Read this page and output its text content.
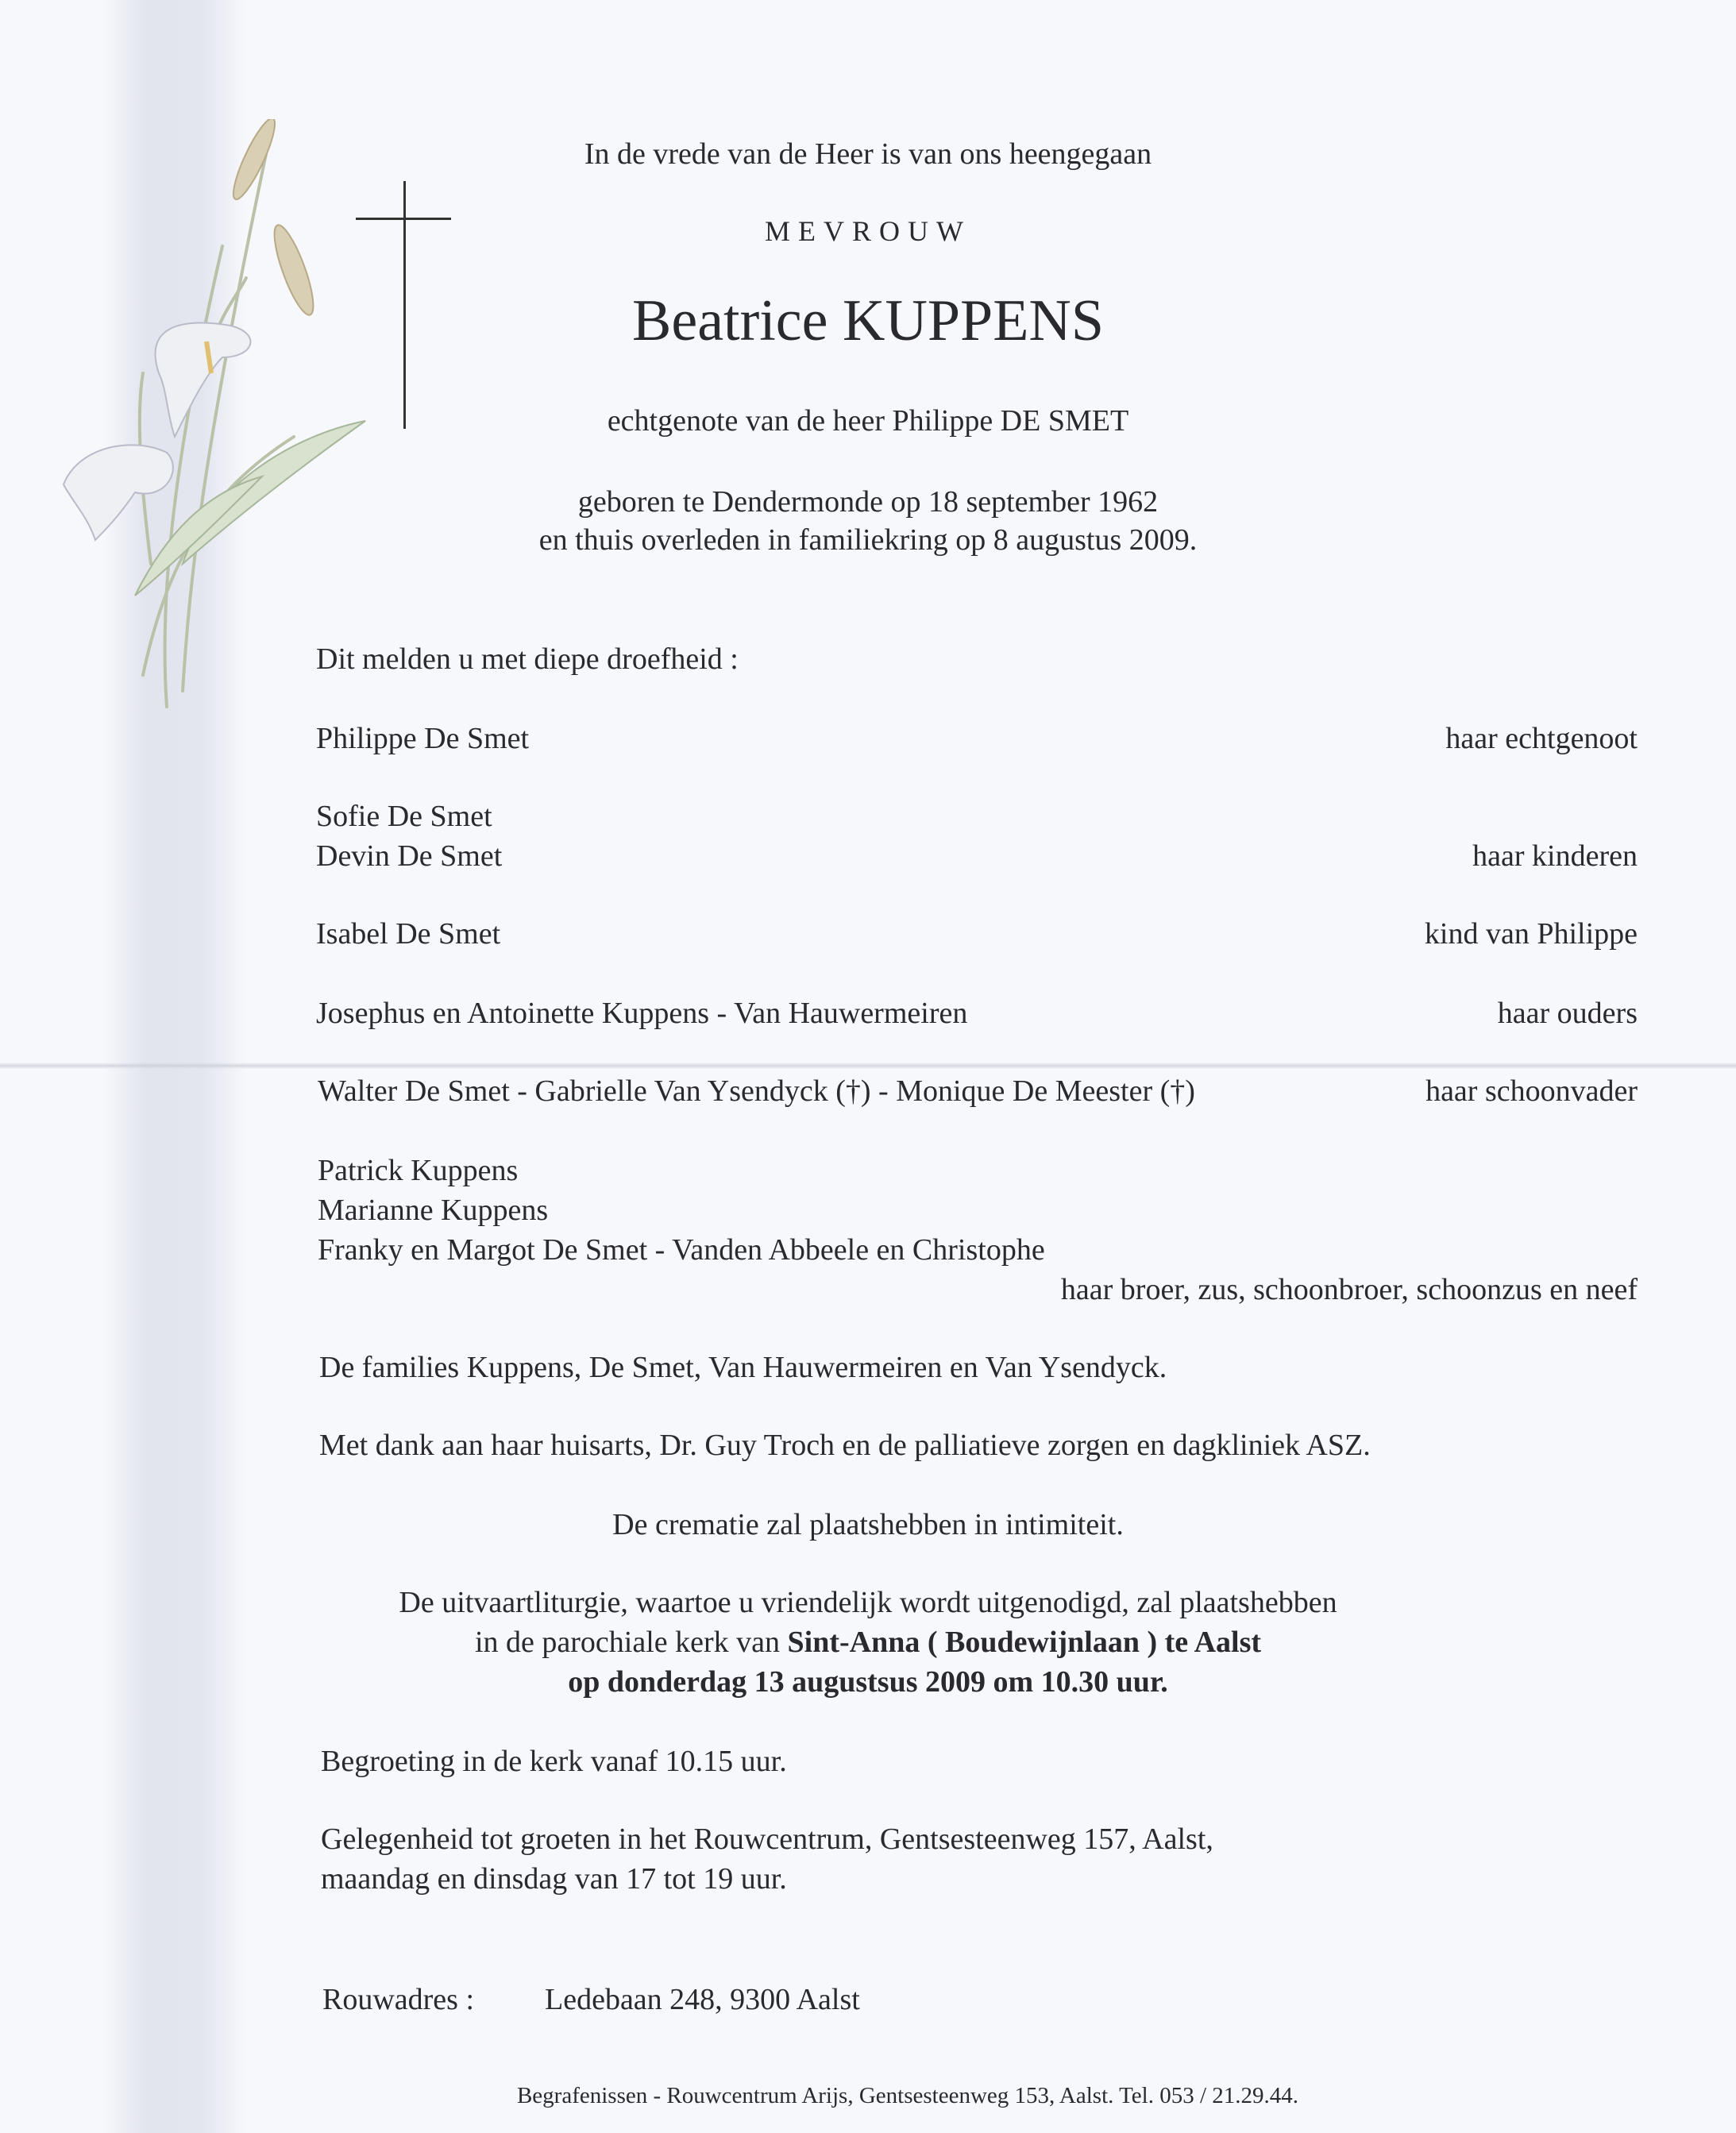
In de vrede van de Heer is van ons heengegaan
MEVROUW
Beatrice KUPPENS
echtgenote van de heer Philippe DE SMET
geboren te Dendermonde op 18 september 1962
en thuis overleden in familiekring op 8 augustus 2009.
Dit melden u met diepe droefheid :
Philippe De Smet	haar echtgenoot
Sofie De Smet
Devin De Smet	haar kinderen
Isabel De Smet	kind van Philippe
Josephus en Antoinette Kuppens - Van Hauwermeiren	haar ouders
Walter De Smet - Gabrielle Van Ysendyck (†) - Monique De Meester (†)	haar schoonvader
Patrick Kuppens
Marianne Kuppens
Franky en Margot De Smet - Vanden Abbeele en Christophe
haar broer, zus, schoonbroer, schoonzus en neef
De families Kuppens, De Smet, Van Hauwermeiren en Van Ysendyck.
Met dank aan haar huisarts, Dr. Guy Troch en de palliatieve zorgen en dagkliniek ASZ.
De crematie zal plaatshebben in intimiteit.
De uitvaartliturgie, waartoe u vriendelijk wordt uitgenodigd, zal plaatshebben
in de parochiale kerk van Sint-Anna ( Boudewijnlaan ) te Aalst
op donderdag 13 augustsus 2009 om 10.30 uur.
Begroeting in de kerk vanaf 10.15 uur.
Gelegenheid tot groeten in het Rouwcentrum, Gentsesteenweg 157, Aalst,
maandag en dinsdag van 17 tot 19 uur.
Rouwadres : Ledebaan 248, 9300 Aalst
Begrafenissen - Rouwcentrum Arijs, Gentsesteenweg 153, Aalst. Tel. 053 / 21.29.44.
